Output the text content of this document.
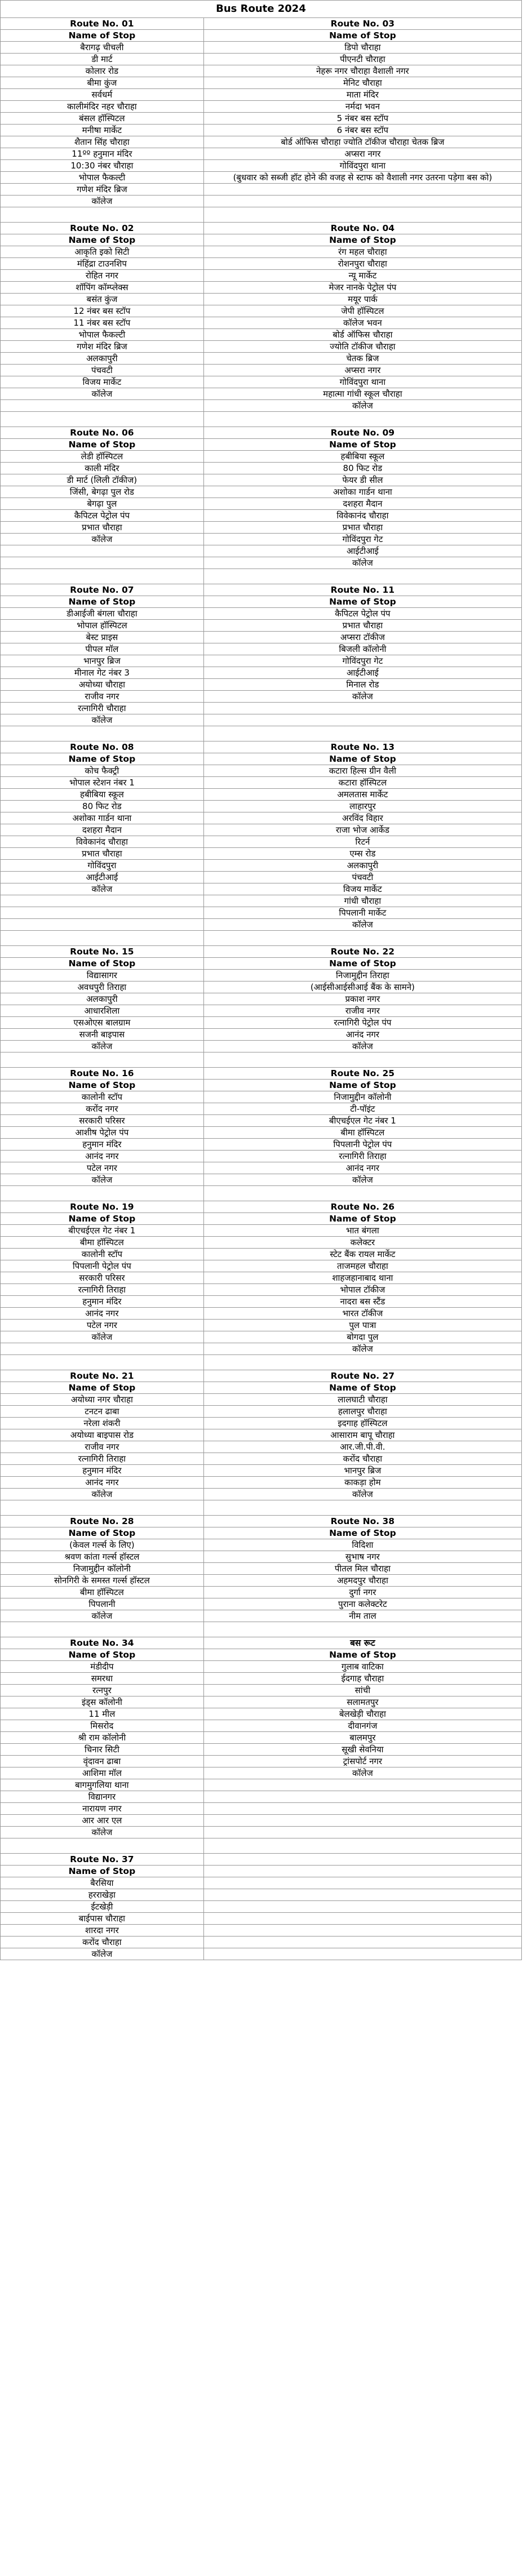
Bus Route 2024	
Route No. 01	Route No. 03
Name of Stop	Name of Stop
बैरागढ़ चीचली	डिपो चौराहा
डी मार्ट	पीएनटी चौराहा
कोलार रोड	नेहरू नगर चौराहा वैशाली नगर
बीमा कुंज	मेनिट चौराहा
सर्वधर्म	माता मंदिर
कालीमंदिर नहर चौराहा	नर्मदा भवन
बंसल हॉस्पिटल	5 नंबर बस स्टॉप
मनीषा मार्केट	6 नंबर बस स्टॉप
शैतान सिंह चौराहा	बोर्ड ऑफिस चौराहा ज्योति टॉकीज चौराहा चेतक ब्रिज
11ºº हनुमान मंदिर	अप्सरा नगर
10:30 नंबर चौराहा	गोविंदपुरा थाना
भोपाल फैकल्टी	(बुधवार को सब्जी हॉट होने की वजह से स्टाफ को वैशाली नगर उतरना पड़ेगा बस को)
गणेश मंदिर ब्रिज	
कॉलेज	

Route No. 02	Route No. 04
Name of Stop	Name of Stop
आकृति इको सिटी	रंग महल चौराहा
मंहिंद्रा टाउनशिप	रोशनपुरा चौराहा
रोहित नगर	न्यू मार्केट
शॉपिंग कॉम्प्लेक्स	मेजर नानके पेट्रोल पंप
बसंत कुंज	मयूर पार्क
12 नंबर बस स्टॉप	जेपी हॉस्पिटल
11 नंबर बस स्टॉप	कॉलेज भवन
भोपाल फैकल्टी	बोर्ड ऑफिस चौराहा
गणेश मंदिर ब्रिज	ज्योति टॉकीज चौराहा
अलकापुरी	चेतक ब्रिज
पंचवटी	अप्सरा नगर
विजय मार्केट	गोविंदपुरा थाना
कॉलेज	महात्मा गांधी स्कूल चौराहा
	कॉलेज

Route No. 06	Route No. 09
Name of Stop	Name of Stop
लेडी हॉस्पिटल	हबीबिया स्कूल
काली मंदिर	80 फिट रोड
डी मार्ट (लिली टॉकीज)	फेयर डी सील
जिंसी, बेगढ़ा पुल रोड	अशोका गार्डन थाना
बेगढ़ा पुल	दशहरा मैदान
कैपिटल पेट्रोल पंप	विवेकानंद चौराहा
प्रभात चौराहा	प्रभात चौराहा
कॉलेज	गोविंदपुरा गेट
	आईटीआई
	कॉलेज

Route No. 07	Route No. 11
Name of Stop	Name of Stop
डीआईजी बंगला चौराहा	कैपिटल पेट्रोल पंप
भोपाल हॉस्पिटल	प्रभात चौराहा
बेस्ट प्राइस	अप्सरा टॉकीज
पीपल मॉल	बिजली कॉलोनी
भानपुर ब्रिज	गोविंदपुरा गेट
मीनाल गेट नंबर 3	आईटीआई
अयोध्या चौराहा	मिनाल रोड
राजीव नगर	कॉलेज
रत्नागिरी चौराहा	
कॉलेज	

Route No. 08	Route No. 13
Name of Stop	Name of Stop
कोच फैक्ट्री	कटारा हिल्स ग्रीन वैली
भोपाल स्टेशन नंबर 1	कटारा हॉस्पिटल
हबीबिया स्कूल	अमलतास मार्केट
80 फिट रोड	लाहारपुर
अशोका गार्डन थाना	अरविंद विहार
दशहरा मैदान	राजा भोज आर्केड
विवेकानंद चौराहा	रिटर्न
प्रभात चौराहा	एम्स रोड
गोविंदपुरा	अलकापुरी
आईटीआई	पंचवटी
कॉलेज	विजय मार्केट
	गांधी चौराहा
	पिपलानी मार्केट
	कॉलेज

Route No. 15	Route No. 22
Name of Stop	Name of Stop
विद्यासागर	निजामुद्दीन तिराहा
अवधपुरी तिराहा	(आईसीआईसीआई बैंक के सामने)
अलकापुरी	प्रकाश नगर
आधारशिला	राजीव नगर
एसओएस बालग्राम	रत्नागिरी पेट्रोल पंप
सजनी बाइपास	आनंद नगर
कॉलेज	कॉलेज

Route No. 16	Route No. 25
Name of Stop	Name of Stop
कालोनी स्टॉप	निजामुद्दीन कॉलोनी
करोंद नगर	टी-पॉइंट
सरकारी परिसर	बीएचईएल गेट नंबर 1
आशीष पेट्रोल पंप	बीमा हॉस्पिटल
हनुमान मंदिर	पिपलानी पेट्रोल पंप
आनंद नगर	रत्नागिरी तिराहा
पटेल नगर	आनंद नगर
कॉलेज	कॉलेज

Route No. 19	Route No. 26
Name of Stop	Name of Stop
बीएचईएल गेट नंबर 1	भात बंगला
बीमा हॉस्पिटल	कलेक्टर
कालोनी स्टॉप	स्टेट बैंक रायल मार्केट
पिपलानी पेट्रोल पंप	ताजमहल चौराहा
सरकारी परिसर	शाहजहानाबाद थाना
रत्नागिरी तिराहा	भोपाल टॉकीज
हनुमान मंदिर	नादरा बस स्टैंड
आनंद नगर	भारत टॉकीज
पटेल नगर	पुल पात्रा
कॉलेज	बोगदा पुल
	कॉलेज

Route No. 21	Route No. 27
Name of Stop	Name of Stop
अयोध्या नगर चौराहा	लालघाटी चौराहा
टनटन ढाबा	हलालपुर चौराहा
नरेला शंकरी	इदगाह हॉस्पिटल
अयोध्या बाइपास रोड	आसाराम बापू चौराहा
राजीव नगर	आर.जी.पी.वी.
रत्नागिरी तिराहा	करोंद चौराहा
हनुमान मंदिर	भानपुर ब्रिज
आनंद नगर	काकड़ा होम
कॉलेज	कॉलेज

Route No. 28	Route No. 38
Name of Stop	Name of Stop
(केवल गर्ल्स के लिए)	विदिशा
श्रवण कांता गर्ल्स हॉस्टल	सुभाष नगर
निजामुद्दीन कॉलोनी	पीतल मिल चौराहा
सोनगिरी के समस्त गर्ल्स हॉस्टल	अहमदपुर चौराहा
बीमा हॉस्पिटल	दुर्गा नगर
पिपलानी	पुराना कलेक्टरेट
कॉलेज	नीम ताल

Route No. 34	बस रूट
Name of Stop	Name of Stop
मंडीदीप	गुलाब वाटिका
समरधा	ईदगाह चौराहा
रत्नपुर	सांची
इंड्स कॉलोनी	सलामतपुर
11 मील	बेलखेड़ी चौराहा
मिसरोद	दीवानगंज
श्री राम कॉलोनी	बालमपुर
चिनार सिटी	सूखी सेवनिया
वृंदावन ढाबा	ट्रांसपोर्ट नगर
आशिमा मॉल	कॉलेज
बागमुगलिया थाना	
विद्यानगर	
नारायण नगर	
आर आर एल	
कॉलेज	

Route No. 37	
Name of Stop	
बैरसिया	
हरराखेड़ा	
ईटखेड़ी	
बाईपास चौराहा	
शारदा नगर	
करोंद चौराहा	
कॉलेज	
